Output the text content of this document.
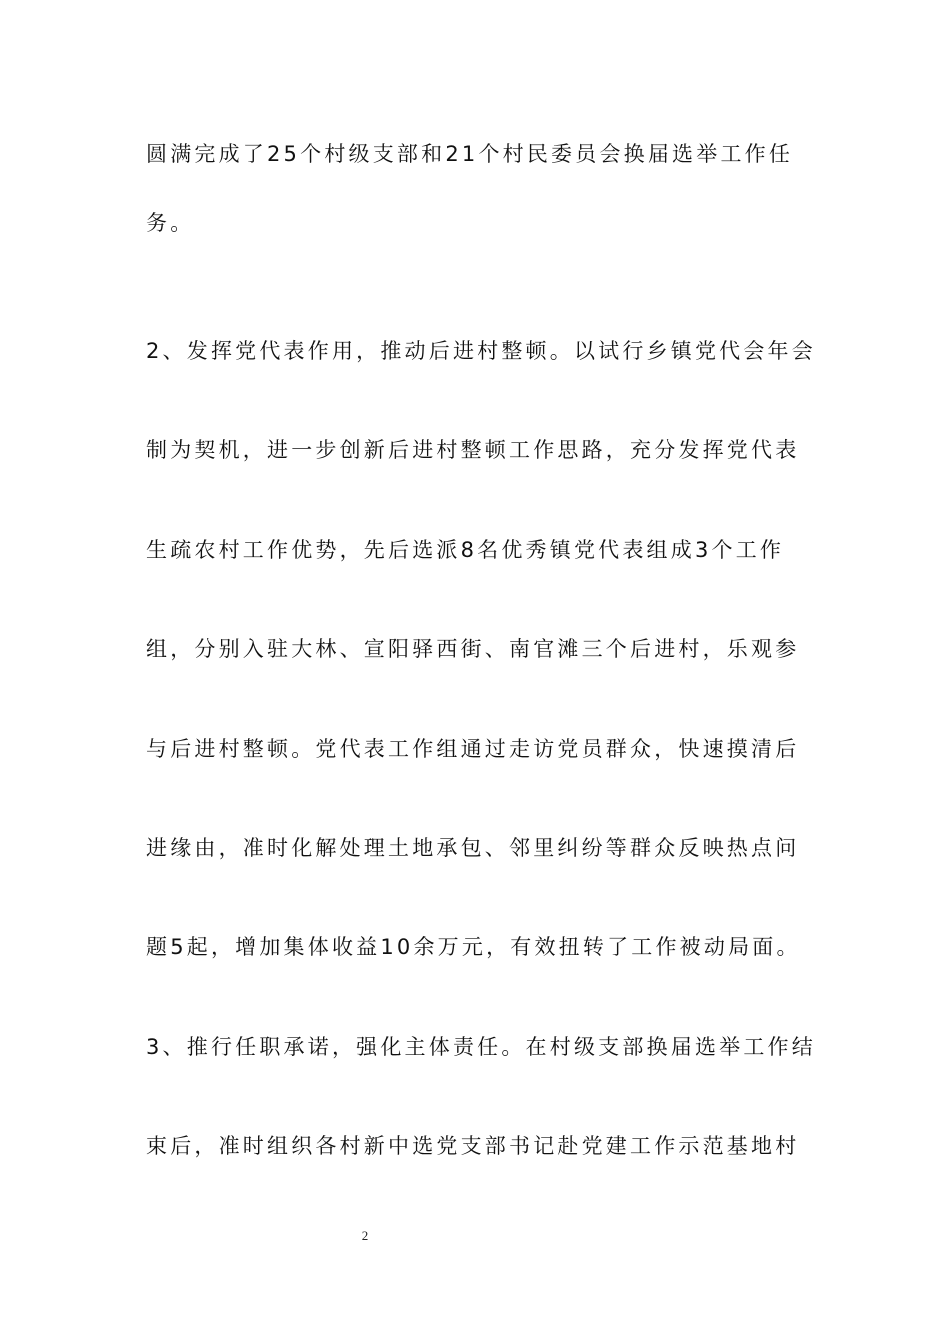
圆满完成了25个村级支部和21个村民委员会换届选举工作任
务。
2、发挥党代表作用，推动后进村整顿。以试行乡镇党代会年会
制为契机，进一步创新后进村整顿工作思路，充分发挥党代表
生疏农村工作优势，先后选派8名优秀镇党代表组成3个工作
组，分别入驻大林、宣阳驿西街、南官滩三个后进村，乐观参
与后进村整顿。党代表工作组通过走访党员群众，快速摸清后
进缘由，准时化解处理土地承包、邻里纠纷等群众反映热点问
题5起，增加集体收益10余万元，有效扭转了工作被动局面。
3、推行任职承诺，强化主体责任。在村级支部换届选举工作结
束后，准时组织各村新中选党支部书记赴党建工作示范基地村
2
